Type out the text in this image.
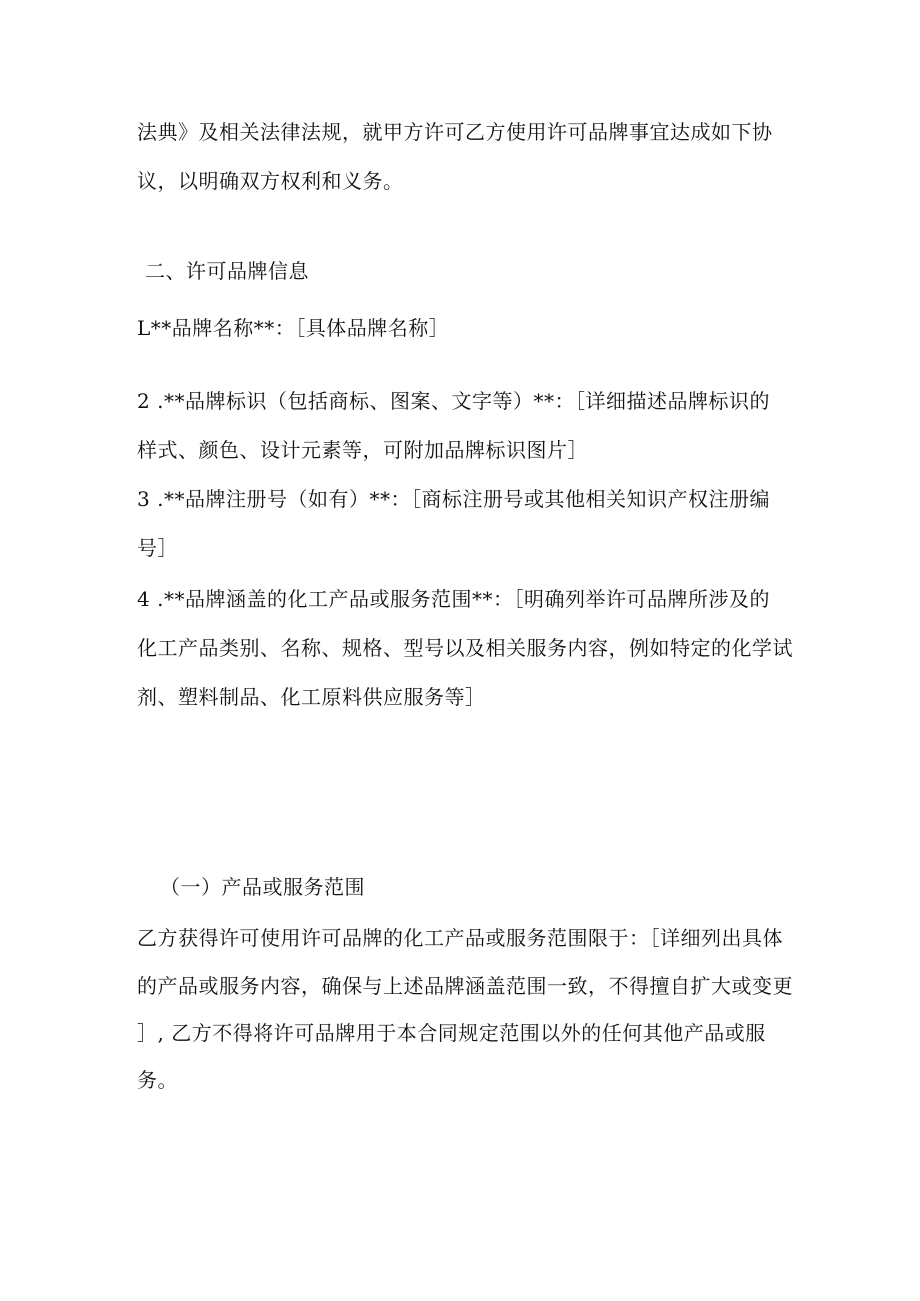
法典》及相关法律法规，就甲方许可乙方使用许可品牌事宜达成如下协
议，以明确双方权利和义务。
二、许可品牌信息
L**品牌名称**：［具体品牌名称］
2 .**品牌标识（包括商标、图案、文字等）**：［详细描述品牌标识的
样式、颜色、设计元素等，可附加品牌标识图片］
3 .**品牌注册号（如有）**：［商标注册号或其他相关知识产权注册编
号］
4 .**品牌涵盖的化工产品或服务范围**：［明确列举许可品牌所涉及的
化工产品类别、名称、规格、型号以及相关服务内容，例如特定的化学试
剂、塑料制品、化工原料供应服务等］
（一）产品或服务范围
乙方获得许可使用许可品牌的化工产品或服务范围限于：［详细列出具体
的产品或服务内容，确保与上述品牌涵盖范围一致，不得擅自扩大或变更
］, 乙方不得将许可品牌用于本合同规定范围以外的任何其他产品或服
务。
